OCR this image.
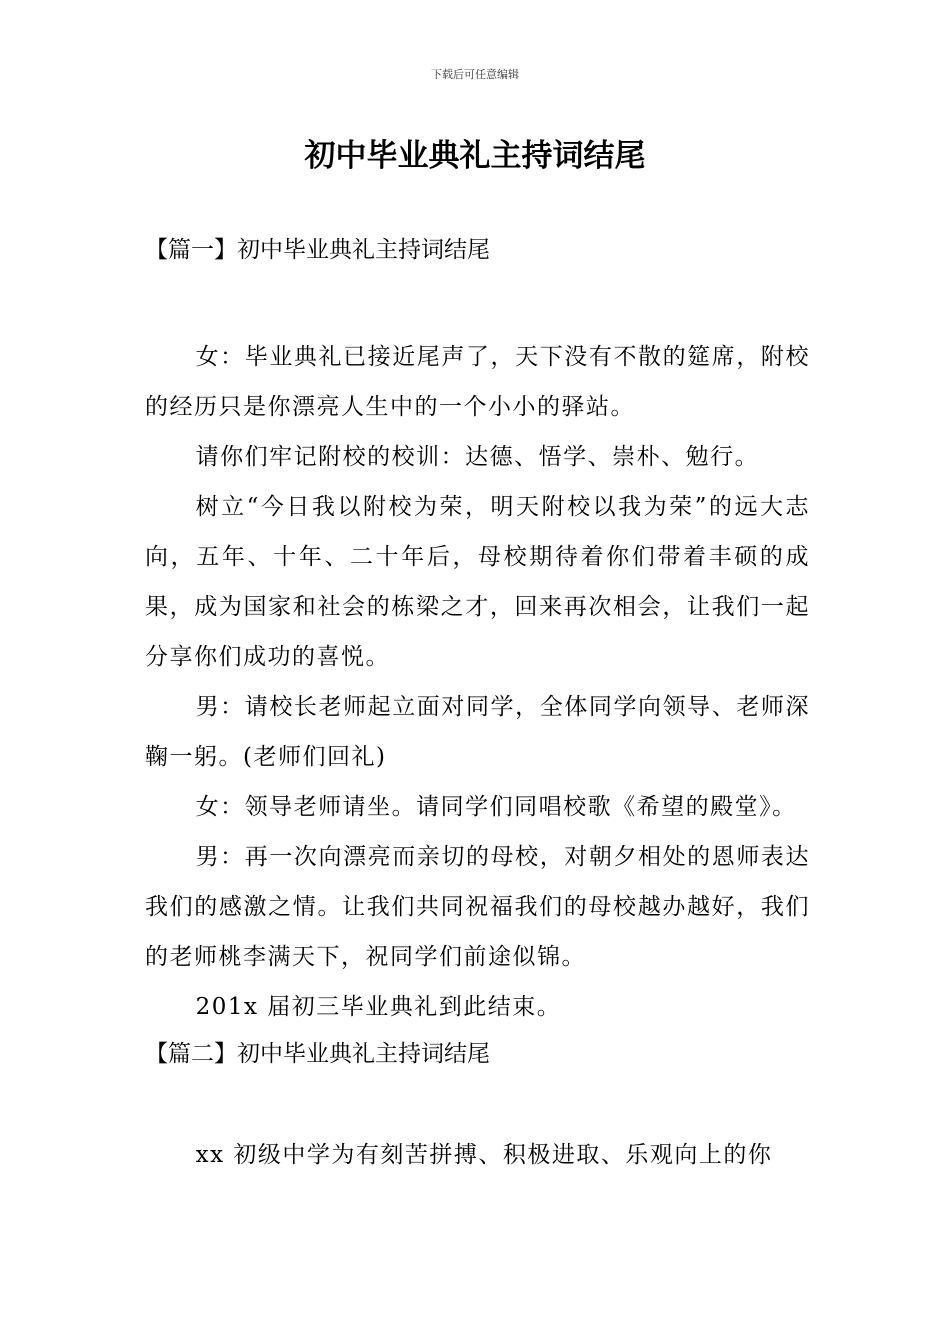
下载后可任意编辑
初中毕业典礼主持词结尾

【篇一】初中毕业典礼主持词结尾

女：毕业典礼已接近尾声了，天下没有不散的筵席，附校的经历只是你漂亮人生中的一个小小的驿站。

请你们牢记附校的校训：达德、悟学、崇朴、勉行。

树立“今日我以附校为荣，明天附校以我为荣”的远大志向，五年、十年、二十年后，母校期待着你们带着丰硕的成果，成为国家和社会的栋梁之才，回来再次相会，让我们一起分享你们成功的喜悦。

男：请校长老师起立面对同学，全体同学向领导、老师深鞠一躬。(老师们回礼)

女：领导老师请坐。请同学们同唱校歌《希望的殿堂》。

男：再一次向漂亮而亲切的母校，对朝夕相处的恩师表达我们的感激之情。让我们共同祝福我们的母校越办越好，我们的老师桃李满天下，祝同学们前途似锦。

201x 届初三毕业典礼到此结束。

【篇二】初中毕业典礼主持词结尾

xx 初级中学为有刻苦拼搏、积极进取、乐观向上的你
